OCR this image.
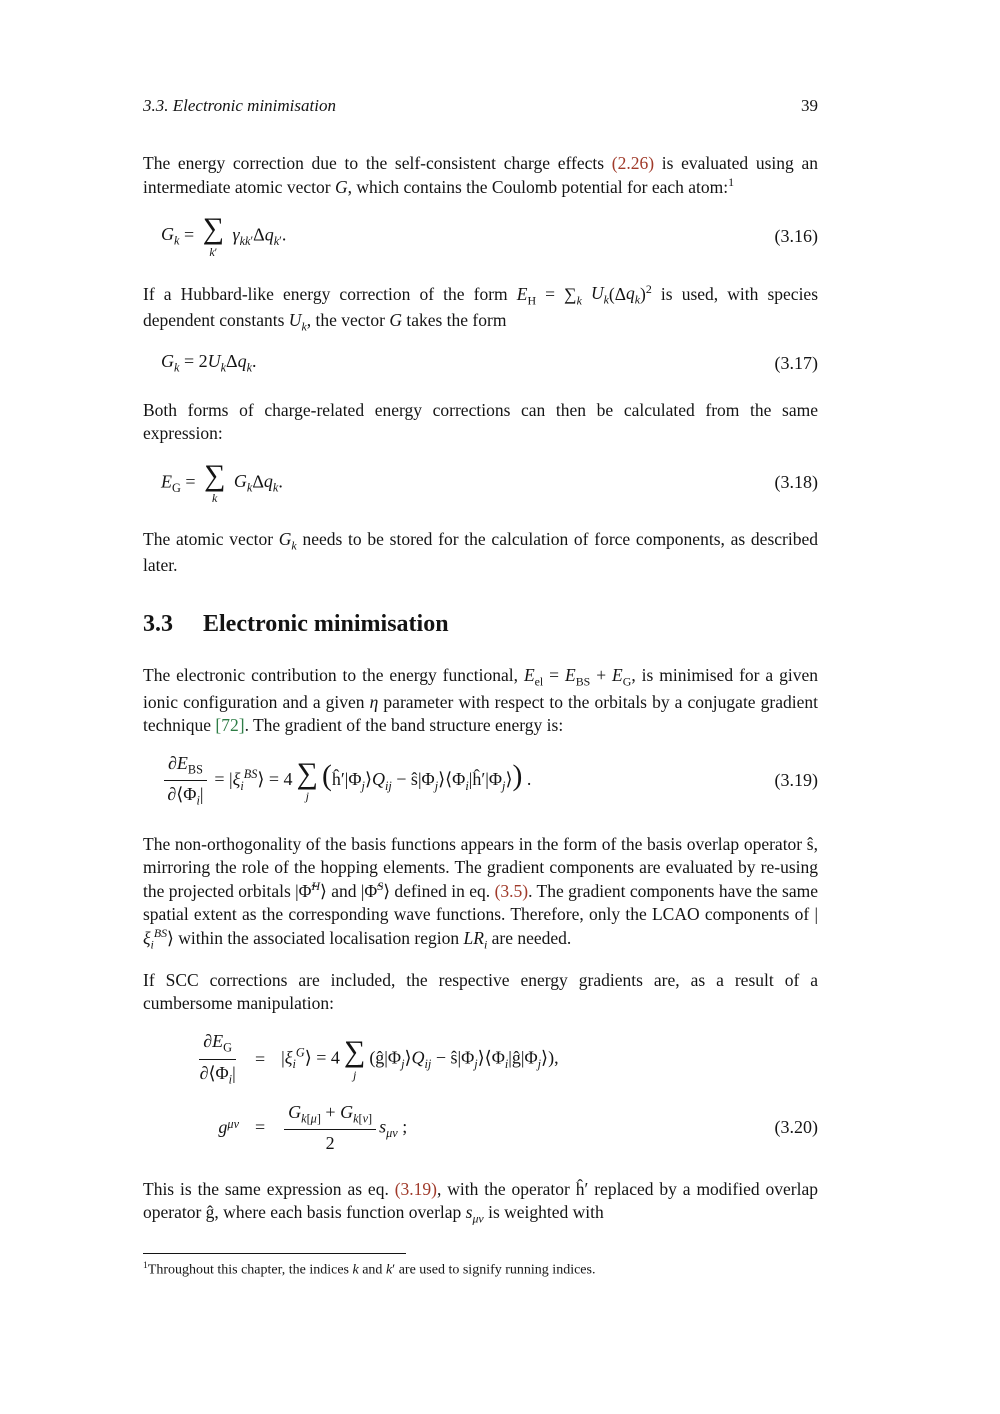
3.3. Electronic minimisation	39

The energy correction due to the self-consistent charge effects (2.26) is evaluated using an intermediate atomic vector G, which contains the Coulomb potential for each atom:$^1$

$G_k$ = ∑
k′
$\gamma_{kk'}\Delta q_{k'}$.	(3.16)

If a Hubbard-like energy correction of the form $E_H = \sum_k$ $U_k(\Delta q_k)^2$ is used, with species dependent constants $U_k$, the vector G takes the form

$G_k = 2U_k\Delta q_k$.	(3.17)

Both forms of charge-related energy corrections can then be calculated from the same expression:

$E_G$ = ∑
k
$G_k\Delta q_k$.	(3.18)

The atomic vector $G_k$ needs to be stored for the calculation of force components, as described later.

3.3 Electronic minimisation

The electronic contribution to the energy functional, $E_{el} = E_{BS} + E_G$, is minimised for a given ionic configuration and a given η parameter with respect to the orbitals by a conjugate gradient technique [72]. The gradient of the band structure energy is:

$\frac{\partial E_{BS}}{\partial⟨\Phi_i|}$ = $|\xi_i^{BS}⟩ = 4$ ∑
j
($ĥ'|\Phi_j⟩Q_{ij}$ − $ŝ|\Phi_j⟩⟨\Phi_i|ĥ'|\Phi_j⟩$) .	(3.19)

The non-orthogonality of the basis functions appears in the form of the basis overlap operator ŝ, mirroring the role of the hopping elements. The gradient components are evaluated by re-using the projected orbitals |Φ̃$^H$⟩ and |Φ̃$^S$⟩ defined in eq. (3.5). The gradient components have the same spatial extent as the corresponding wave functions. Therefore, only the LCAO components of $|\xi_i^{BS}⟩$ within the associated localisation region $LR_i$ are needed.

If SCC corrections are included, the respective energy gradients are, as a result of a cumbersome manipulation:

$\frac{\partial E_G}{\partial⟨\Phi_i|}$	= $|\xi_i^G⟩ = 4$ ∑
j
($ĝ|\Phi_j⟩Q_{ij}$ − $ŝ|\Phi_j⟩⟨\Phi_i|ĝ|\Phi_j⟩$),
g μν =	$\frac{G_{k[\mu]} + G_{k[\nu]}}{2} s_{\mu\nu}$ ;	(3.20)

This is the same expression as eq. (3.19), with the operator ĥ′ replaced by a modified overlap operator ĝ, where each basis function overlap $s_{\mu\nu}$ is weighted with

$^1$Throughout this chapter, the indices k and k′ are used to signify running indices.
